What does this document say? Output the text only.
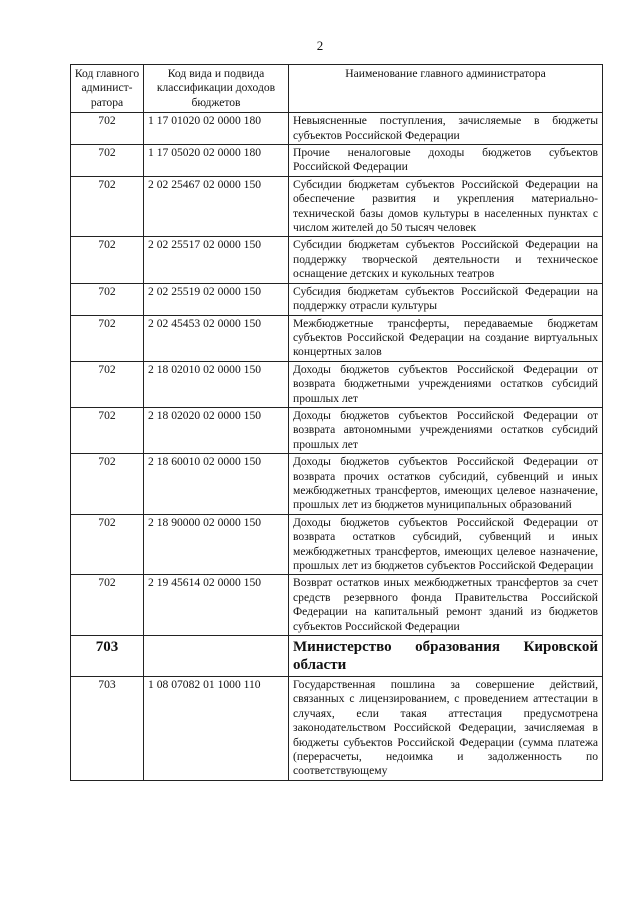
2
Код главного админист-ратора	Код вида и подвида классификации доходов бюджетов	Наименование главного администратора
702	1 17 01020 02 0000 180	Невыясненные поступления, зачисляемые в бюджеты субъектов Российской Федерации
702	1 17 05020 02 0000 180	Прочие неналоговые доходы бюджетов субъектов Российской Федерации
702	2 02 25467 02 0000 150	Субсидии бюджетам субъектов Российской Федерации на обеспечение развития и укрепления материально-технической базы домов культуры в населенных пунктах с числом жителей до 50 тысяч человек
702	2 02 25517 02 0000 150	Субсидии бюджетам субъектов Российской Федерации на поддержку творческой деятельности и техническое оснащение детских и кукольных театров
702	2 02 25519 02 0000 150	Субсидия бюджетам субъектов Российской Федерации на поддержку отрасли культуры
702	2 02 45453 02 0000 150	Межбюджетные трансферты, передаваемые бюджетам субъектов Российской Федерации на создание виртуальных концертных залов
702	2 18 02010 02 0000 150	Доходы бюджетов субъектов Российской Федерации от возврата бюджетными учреждениями остатков субсидий прошлых лет
702	2 18 02020 02 0000 150	Доходы бюджетов субъектов Российской Федерации от возврата автономными учреждениями остатков субсидий прошлых лет
702	2 18 60010 02 0000 150	Доходы бюджетов субъектов Российской Федерации от возврата прочих остатков субсидий, субвенций и иных межбюджетных трансфертов, имеющих целевое назначение, прошлых лет из бюджетов муниципальных образований
702	2 18 90000 02 0000 150	Доходы бюджетов субъектов Российской Федерации от возврата остатков субсидий, субвенций и иных межбюджетных трансфертов, имеющих целевое назначение, прошлых лет из бюджетов субъектов Российской Федерации
702	2 19 45614 02 0000 150	Возврат остатков иных межбюджетных трансфертов за счет средств резервного фонда Правительства Российской Федерации на капитальный ремонт зданий из бюджетов субъектов Российской Федерации
703		Министерство образования Кировской области
703	1 08 07082 01 1000 110	Государственная пошлина за совершение действий, связанных с лицензированием, с проведением аттестации в случаях, если такая аттестация предусмотрена законодательством Российской Федерации, зачисляемая в бюджеты субъектов Российской Федерации (сумма платежа (перерасчеты, недоимка и задолженность по соответствующему
